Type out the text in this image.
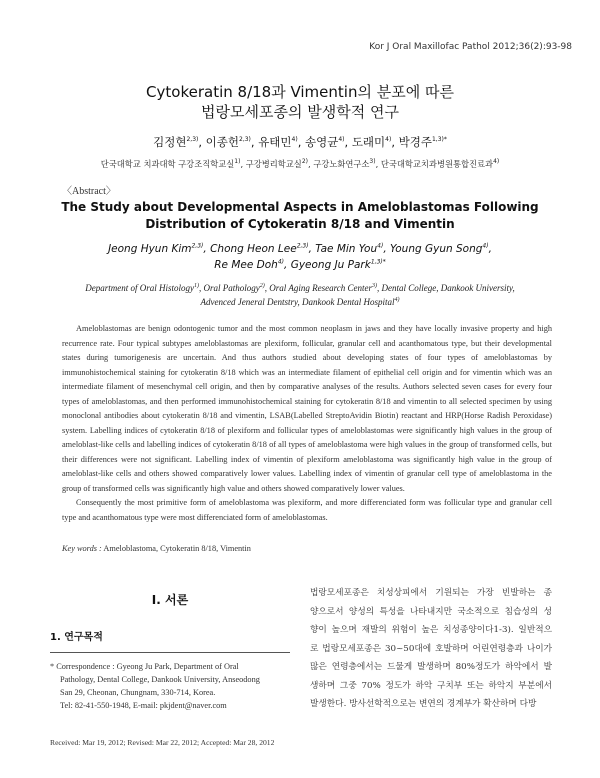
Kor J Oral Maxillofac Pathol 2012;36(2):93-98
Cytokeratin 8/18과 Vimentin의 분포에 따른
법랑모세포종의 발생학적 연구
김정현$^{2,3)}$, 이종헌$^{2,3)}$, 유태민$^{4)}$, 송영균$^{4)}$, 도래미$^{4)}$, 박경주$^{1,3)*}$
단국대학교 치과대학 구강조직학교실$^{1)}$, 구강병리학교실$^{2)}$, 구강노화연구소$^{3)}$, 단국대학교치과병원통합진료과$^{4)}$
〈Abstract〉
The Study about Developmental Aspects in Ameloblastomas Following
Distribution of Cytokeratin 8/18 and Vimentin
Jeong Hyun Kim$^{2,3)}$, Chong Heon Lee$^{2,3)}$, Tae Min You$^{4)}$, Young Gyun Song$^{4)}$,
Re Mee Doh$^{4)}$, Gyeong Ju Park$^{1,3)*}$
Department of Oral Histology$^{1)}$, Oral Pathology$^{2)}$, Oral Aging Research Center$^{3)}$, Dental College, Dankook University,
Advenced Jeneral Dentstry, Dankook Dental Hospital$^{4)}$

Ameloblastomas are benign odontogenic tumor and the most common neoplasm in jaws and they have locally invasive property and high recurrence rate. Four typical subtypes ameloblastomas are plexiform, follicular, granular cell and acanthomatous type, but their developmental states during tumorigenesis are uncertain. And thus authors studied about developing states of four types of ameloblastomas by immunohistochemical staining for cytokeratin 8/18 which was an intermediate filament of epithelial cell origin and for vimentin which was an intermediate filament of mesenchymal cell origin, and then by comparative analyses of the results. Authors selected seven cases for every four types of ameloblastomas, and then performed immunohistochemical staining for cytokeratin 8/18 and vimentin to all selected specimen by using monoclonal antibodies about cytokeratin 8/18 and vimentin, LSAB(Labelled StreptoAvidin Biotin) reactant and HRP(Horse Radish Peroxidase) system. Labelling indices of cytokeratin 8/18 of plexiform and follicular types of ameloblastomas were significantly high values in the group of ameloblast-like cells and labelling indices of cytokeratin 8/18 of all types of ameloblastoma were high values in the group of transformed cells, but their differences were not significant. Labelling index of vimentin of plexiform ameloblastoma was significantly high value in the group of ameloblast-like cells and others showed comparatively lower values. Labelling index of vimentin of granular cell type of ameloblastoma in the group of transformed cells was significantly high value and others showed comparatively lower values.

Consequently the most primitive form of ameloblastoma was plexiform, and more differenciated form was follicular type and granular cell type and acanthomatous type were most differenciated form of ameloblastomas.

Key words : Ameloblastoma, Cytokeratin 8/18, Vimentin
Ⅰ. 서론
1. 연구목적
* Correspondence : Gyeong Ju Park, Department of Oral
Pathology, Dental College, Dankook University, Anseodong
San 29, Cheonan, Chungnam, 330-714, Korea.
Tel: 82-41-550-1948, E-mail: pkjdent@naver.com
Received: Mar 19, 2012; Revised: Mar 22, 2012; Accepted: Mar 28, 2012
법랑모세포종은 치성상피에서 기원되는 가장 빈발하는 종
양으로서 양성의 특성을 나타내지만 국소적으로 침습성의 성
향이 높으며 재발의 위험이 높은 치성종양이다1-3). 일반적으
로 법랑모세포종은 30~50대에 호발하며 어린연령층과 나이가
많은 연령층에서는 드물게 발생하며 80%정도가 하악에서 발
생하며 그중 70% 정도가 하악 구치부 또는 하악지 부분에서
발생한다. 방사선학적으로는 변연의 경계부가 확산하며 다방
